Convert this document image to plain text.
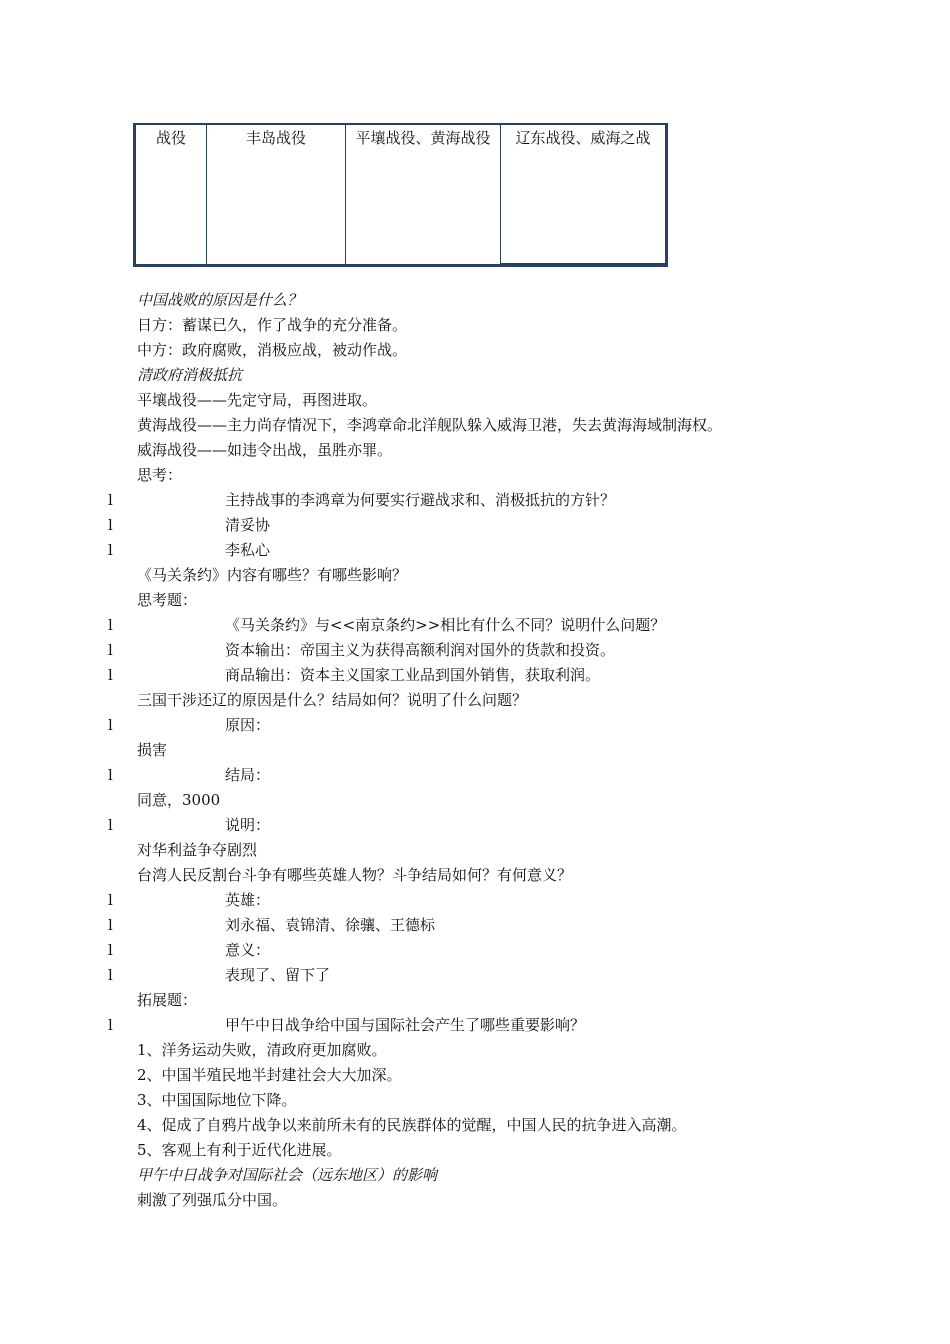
战役	丰岛战役	平壤战役、黄海战役	辽东战役、威海之战
中国战败的原因是什么？
日方：蓄谋已久，作了战争的充分准备。
中方：政府腐败，消极应战，被动作战。
清政府消极抵抗
平壤战役——先定守局，再图进取。
黄海战役——主力尚存情况下，李鸿章命北洋舰队躲入威海卫港，失去黄海海域制海权。
威海战役——如违令出战，虽胜亦罪。
思考：
l	主持战事的李鸿章为何要实行避战求和、消极抵抗的方针？
l	清妥协
l	李私心
《马关条约》内容有哪些？有哪些影响？
思考题：
l	《马关条约》与<<南京条约>>相比有什么不同？说明什么问题？
l	资本输出：帝国主义为获得高额利润对国外的货款和投资。
l	商品输出：资本主义国家工业品到国外销售，获取利润。
三国干涉还辽的原因是什么？结局如何？说明了什么问题？
l	原因：
损害
l	结局：
同意，3000
l	说明：
对华利益争夺剧烈
台湾人民反割台斗争有哪些英雄人物？斗争结局如何？有何意义？
l	英雄：
l	刘永福、袁锦清、徐骧、王德标
l	意义：
l	表现了、留下了
拓展题：
l	甲午中日战争给中国与国际社会产生了哪些重要影响？
1、洋务运动失败，清政府更加腐败。
2、中国半殖民地半封建社会大大加深。
3、中国国际地位下降。
4、促成了自鸦片战争以来前所未有的民族群体的觉醒，中国人民的抗争进入高潮。
5、客观上有利于近代化进展。
甲午中日战争对国际社会（远东地区）的影响
刺激了列强瓜分中国。
